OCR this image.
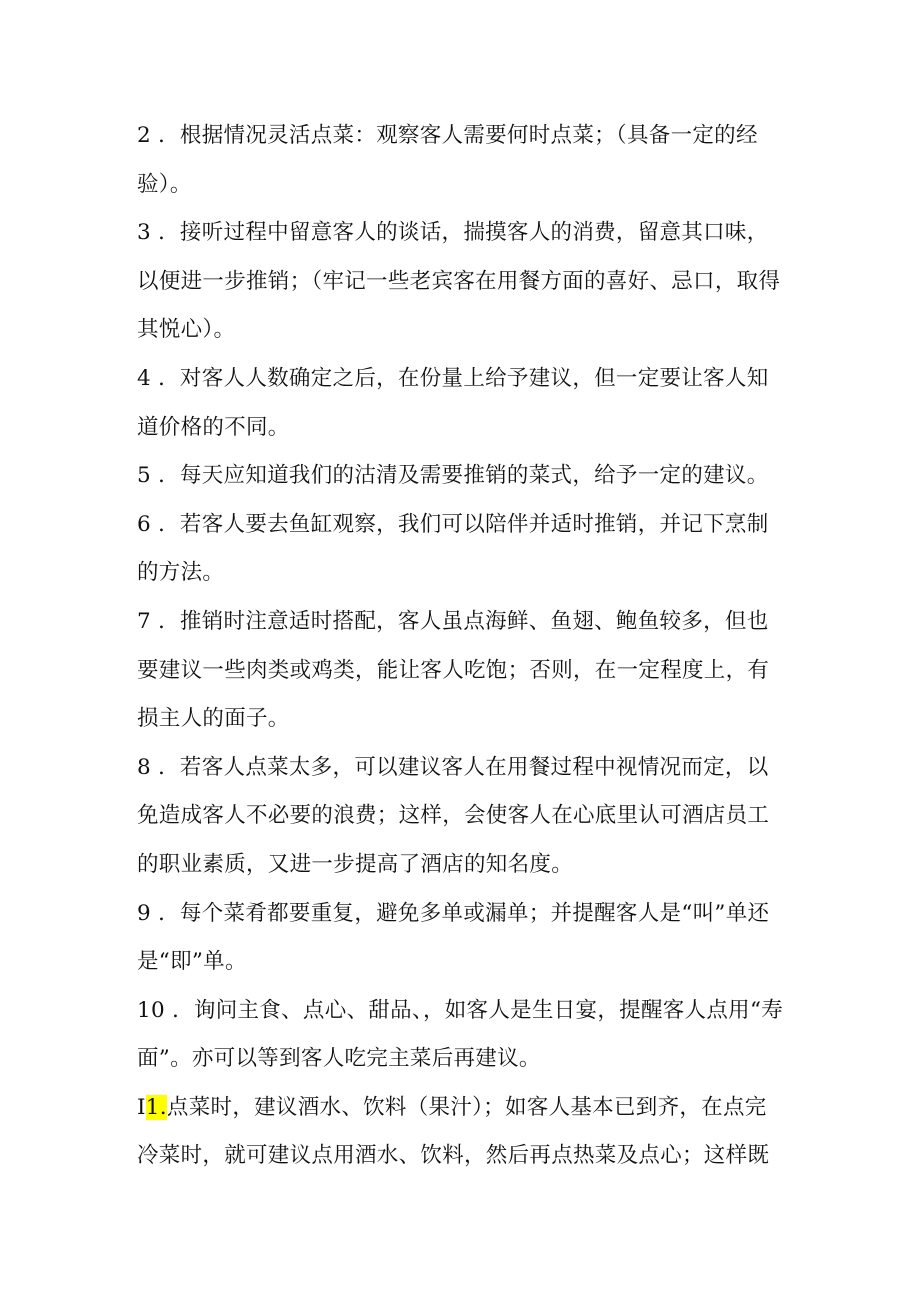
2 ．根据情况灵活点菜：观察客人需要何时点菜；（具备一定的经验）。

3 ．接听过程中留意客人的谈话，揣摸客人的消费，留意其口味，以便进一步推销；（牢记一些老宾客在用餐方面的喜好、忌口，取得其悦心）。

4 ．对客人人数确定之后，在份量上给予建议，但一定要让客人知道价格的不同。

5 ．每天应知道我们的沽清及需要推销的菜式，给予一定的建议。

6 ．若客人要去鱼缸观察，我们可以陪伴并适时推销，并记下烹制的方法。

7 ．推销时注意适时搭配，客人虽点海鲜、鱼翅、鲍鱼较多，但也要建议一些肉类或鸡类，能让客人吃饱；否则，在一定程度上，有损主人的面子。

8 ．若客人点菜太多，可以建议客人在用餐过程中视情况而定，以免造成客人不必要的浪费；这样，会使客人在心底里认可酒店员工的职业素质，又进一步提高了酒店的知名度。

9 ．每个菜肴都要重复，避免多单或漏单；并提醒客人是“叫”单还是“即”单。

10 ．询问主食、点心、甜品、，如客人是生日宴，提醒客人点用“寿面”。亦可以等到客人吃完主菜后再建议。

I1.点菜时，建议酒水、饮料（果汁）；如客人基本已到齐，在点完冷菜时，就可建议点用酒水、饮料，然后再点热菜及点心；这样既
